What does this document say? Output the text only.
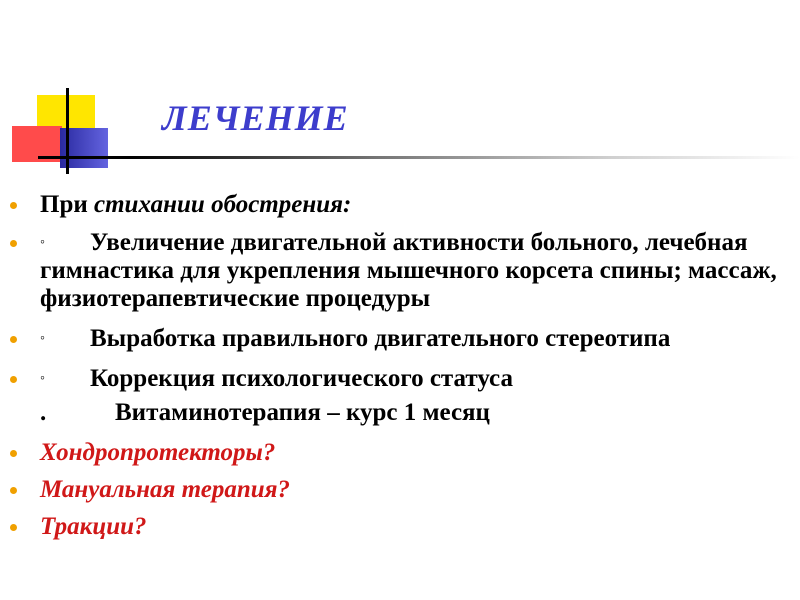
ЛЕЧЕНИЕ
При стихании обострения:
◦ Увеличение двигательной активности больного, лечебная гимнастика для укрепления мышечного корсета спины; массаж, физиотерапевтические процедуры
◦ Выработка правильного двигательного стереотипа
◦ Коррекция психологического статуса
.	Витаминотерапия – курс 1 месяц
Хондропротекторы?
Мануальная терапия?
Тракции?
